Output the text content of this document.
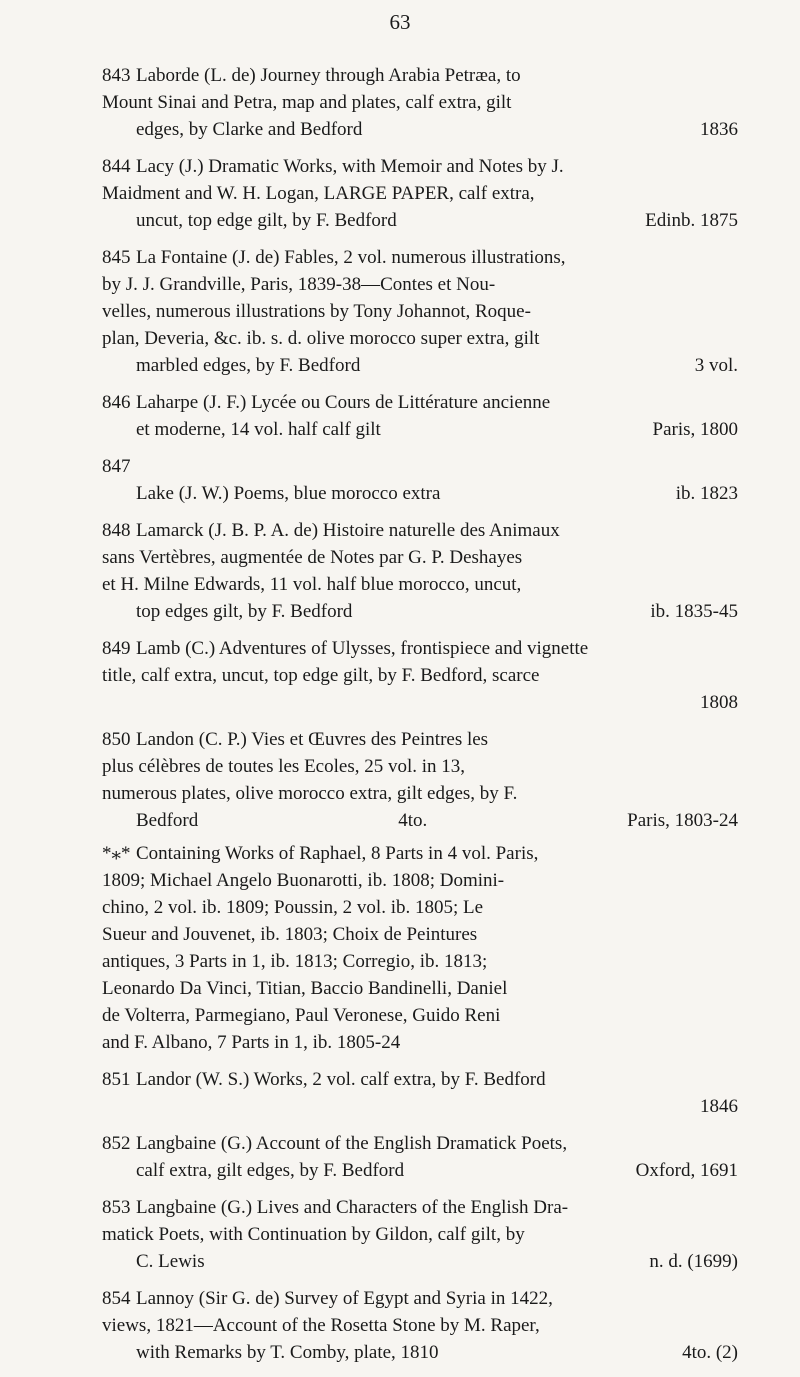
63
843 Laborde (L. de) Journey through Arabia Petræa, to
Mount Sinai and Petra, map and plates, calf extra, gilt
edges, by Clarke and Bedford	1836
844 Lacy (J.) Dramatic Works, with Memoir and Notes by J.
Maidment and W. H. Logan, LARGE PAPER, calf extra,
uncut, top edge gilt, by F. Bedford	Edinb. 1875
845 La Fontaine (J. de) Fables, 2 vol. numerous illustrations,
by J. J. Grandville, Paris, 1839-38—Contes et Nou-
velles, numerous illustrations by Tony Johannot, Roque-
plan, Deveria, &c. ib. s. d. olive morocco super extra, gilt
marbled edges, by F. Bedford	3 vol.
846 Laharpe (J. F.) Lycée ou Cours de Littérature ancienne
et moderne, 14 vol. half calf gilt	Paris, 1800
847
Lake (J. W.) Poems, blue morocco extra	ib. 1823
848 Lamarck (J. B. P. A. de) Histoire naturelle des Animaux
sans Vertèbres, augmentée de Notes par G. P. Deshayes
et H. Milne Edwards, 11 vol. half blue morocco, uncut,
top edges gilt, by F. Bedford	ib. 1835-45
849 Lamb (C.) Adventures of Ulysses, frontispiece and vignette
title, calf extra, uncut, top edge gilt, by F. Bedford, scarce
1808
850 Landon (C. P.) Vies et Œuvres des Peintres les
plus célèbres de toutes les Ecoles, 25 vol. in 13,
numerous plates, olive morocco extra, gilt edges, by F.
Bedford	4to.	Paris, 1803-24
*⁎* Containing Works of Raphael, 8 Parts in 4 vol. Paris,
1809; Michael Angelo Buonarotti, ib. 1808; Domini-
chino, 2 vol. ib. 1809; Poussin, 2 vol. ib. 1805; Le
Sueur and Jouvenet, ib. 1803; Choix de Peintures
antiques, 3 Parts in 1, ib. 1813; Corregio, ib. 1813;
Leonardo Da Vinci, Titian, Baccio Bandinelli, Daniel
de Volterra, Parmegiano, Paul Veronese, Guido Reni
and F. Albano, 7 Parts in 1, ib. 1805-24
851 Landor (W. S.) Works, 2 vol. calf extra, by F. Bedford
1846
852 Langbaine (G.) Account of the English Dramatick Poets,
calf extra, gilt edges, by F. Bedford	Oxford, 1691
853 Langbaine (G.) Lives and Characters of the English Dra-
matick Poets, with Continuation by Gildon, calf gilt, by
C. Lewis	n. d. (1699)
854 Lannoy (Sir G. de) Survey of Egypt and Syria in 1422,
views, 1821—Account of the Rosetta Stone by M. Raper,
with Remarks by T. Comby, plate, 1810	4to. (2)
